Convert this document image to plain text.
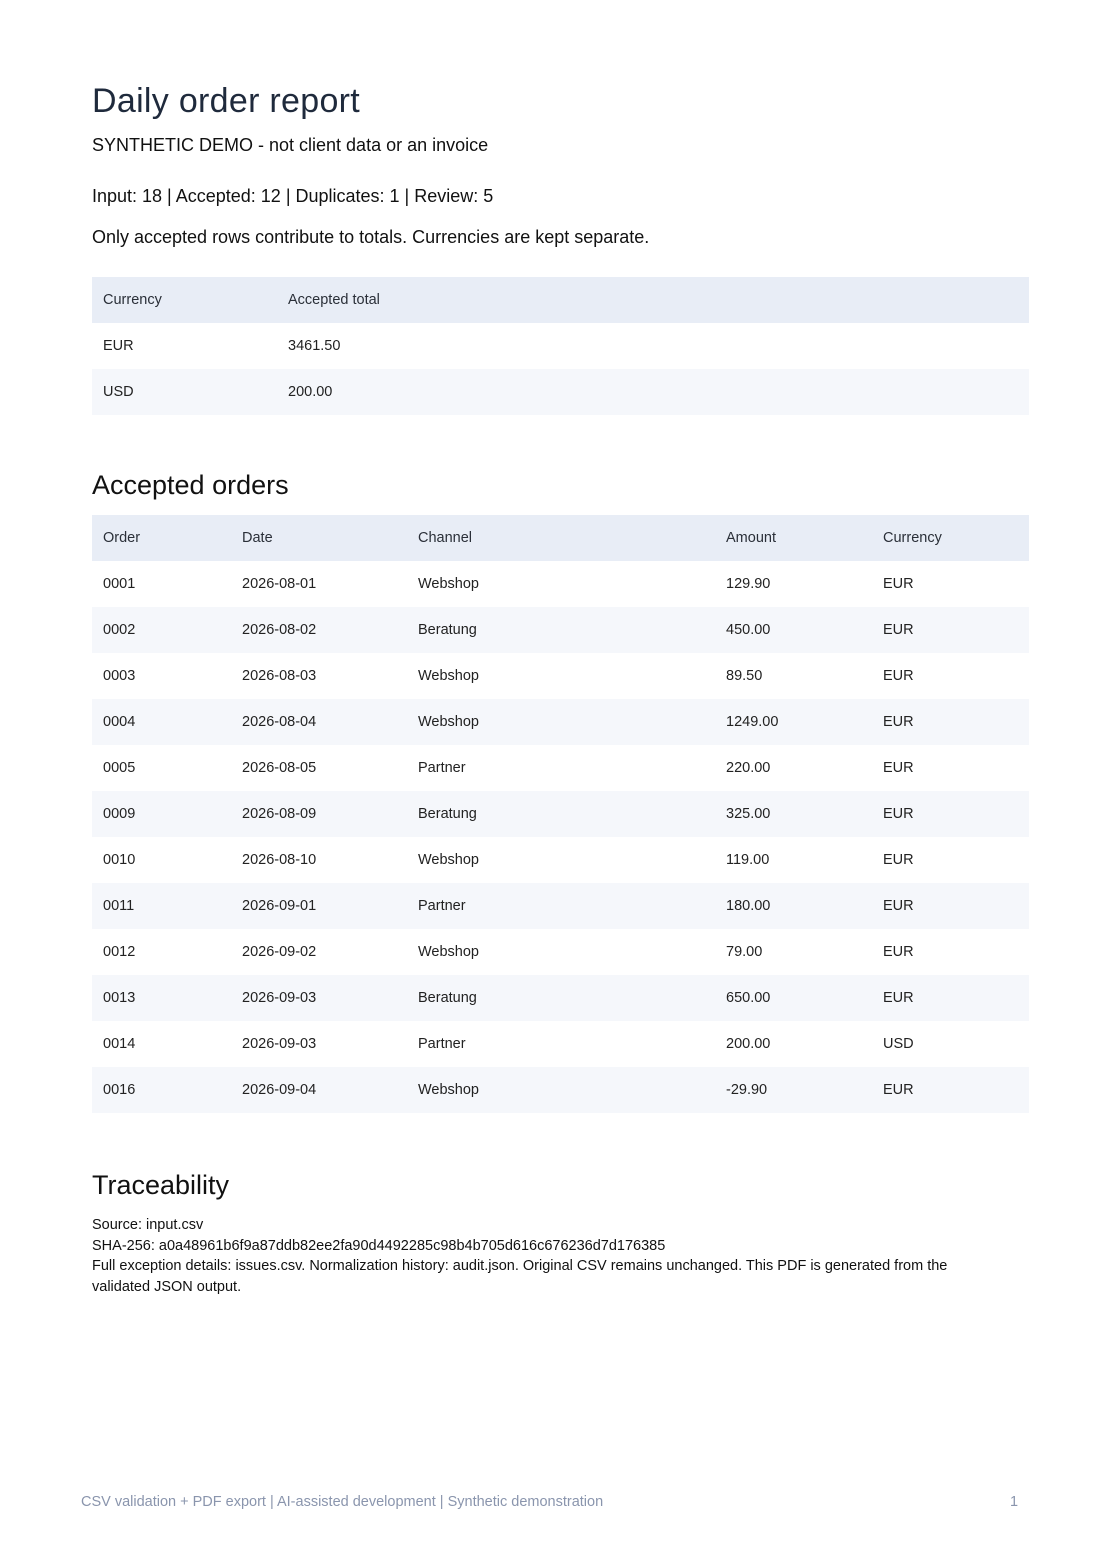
Daily order report
SYNTHETIC DEMO - not client data or an invoice
Input: 18 | Accepted: 12 | Duplicates: 1 | Review: 5
Only accepted rows contribute to totals. Currencies are kept separate.
Currency	Accepted total
EUR	3461.50
USD	200.00
Accepted orders
Order	Date	Channel	Amount	Currency
0001	2026-08-01	Webshop	129.90	EUR
0002	2026-08-02	Beratung	450.00	EUR
0003	2026-08-03	Webshop	89.50	EUR
0004	2026-08-04	Webshop	1249.00	EUR
0005	2026-08-05	Partner	220.00	EUR
0009	2026-08-09	Beratung	325.00	EUR
0010	2026-08-10	Webshop	119.00	EUR
0011	2026-09-01	Partner	180.00	EUR
0012	2026-09-02	Webshop	79.00	EUR
0013	2026-09-03	Beratung	650.00	EUR
0014	2026-09-03	Partner	200.00	USD
0016	2026-09-04	Webshop	-29.90	EUR
Traceability
Source: input.csv
SHA-256: a0a48961b6f9a87ddb82ee2fa90d4492285c98b4b705d616c676236d7d176385
Full exception details: issues.csv. Normalization history: audit.json. Original CSV remains unchanged. This PDF is generated from the validated JSON output.
CSV validation + PDF export | AI-assisted development | Synthetic demonstration	1
